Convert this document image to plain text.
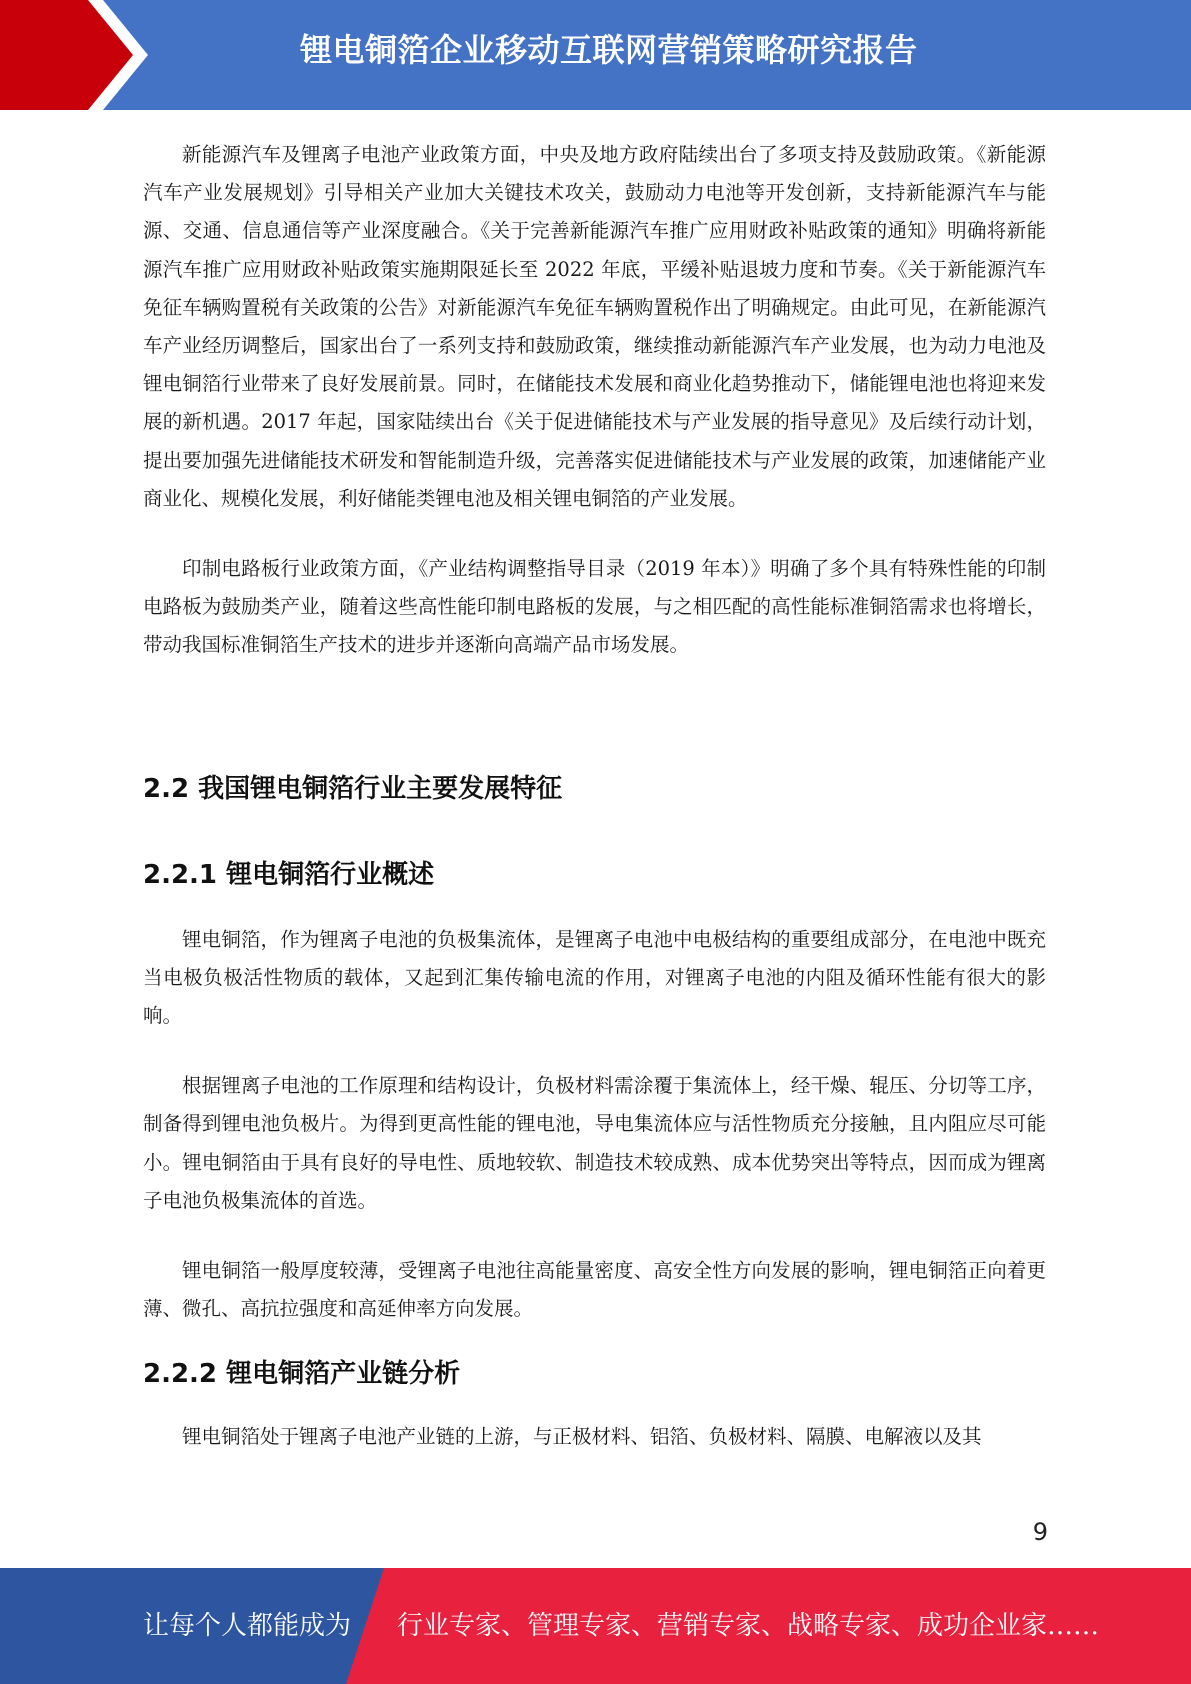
锂电铜箔企业移动互联网营销策略研究报告

新能源汽车及锂离子电池产业政策方面，中央及地方政府陆续出台了多项支持及鼓励政策。《新能源汽车产业发展规划》引导相关产业加大关键技术攻关，鼓励动力电池等开发创新，支持新能源汽车与能源、交通、信息通信等产业深度融合。《关于完善新能源汽车推广应用财政补贴政策的通知》明确将新能源汽车推广应用财政补贴政策实施期限延长至 2022 年底，平缓补贴退坡力度和节奏。《关于新能源汽车免征车辆购置税有关政策的公告》对新能源汽车免征车辆购置税作出了明确规定。由此可见，在新能源汽车产业经历调整后，国家出台了一系列支持和鼓励政策，继续推动新能源汽车产业发展，也为动力电池及锂电铜箔行业带来了良好发展前景。同时，在储能技术发展和商业化趋势推动下，储能锂电池也将迎来发展的新机遇。2017 年起，国家陆续出台《关于促进储能技术与产业发展的指导意见》及后续行动计划，提出要加强先进储能技术研发和智能制造升级，完善落实促进储能技术与产业发展的政策，加速储能产业商业化、规模化发展，利好储能类锂电池及相关锂电铜箔的产业发展。

印制电路板行业政策方面，《产业结构调整指导目录（2019 年本）》明确了多个具有特殊性能的印制电路板为鼓励类产业，随着这些高性能印制电路板的发展，与之相匹配的高性能标准铜箔需求也将增长，带动我国标准铜箔生产技术的进步并逐渐向高端产品市场发展。

2.2 我国锂电铜箔行业主要发展特征
2.2.1 锂电铜箔行业概述

锂电铜箔，作为锂离子电池的负极集流体，是锂离子电池中电极结构的重要组成部分，在电池中既充当电极负极活性物质的载体，又起到汇集传输电流的作用，对锂离子电池的内阻及循环性能有很大的影响。

根据锂离子电池的工作原理和结构设计，负极材料需涂覆于集流体上，经干燥、辊压、分切等工序，制备得到锂电池负极片。为得到更高性能的锂电池，导电集流体应与活性物质充分接触，且内阻应尽可能小。锂电铜箔由于具有良好的导电性、质地较软、制造技术较成熟、成本优势突出等特点，因而成为锂离子电池负极集流体的首选。

锂电铜箔一般厚度较薄，受锂离子电池往高能量密度、高安全性方向发展的影响，锂电铜箔正向着更薄、微孔、高抗拉强度和高延伸率方向发展。

2.2.2 锂电铜箔产业链分析

锂电铜箔处于锂离子电池产业链的上游，与正极材料、铝箔、负极材料、隔膜、电解液以及其

9
让每个人都能成为 行业专家、管理专家、营销专家、战略专家、成功企业家……
